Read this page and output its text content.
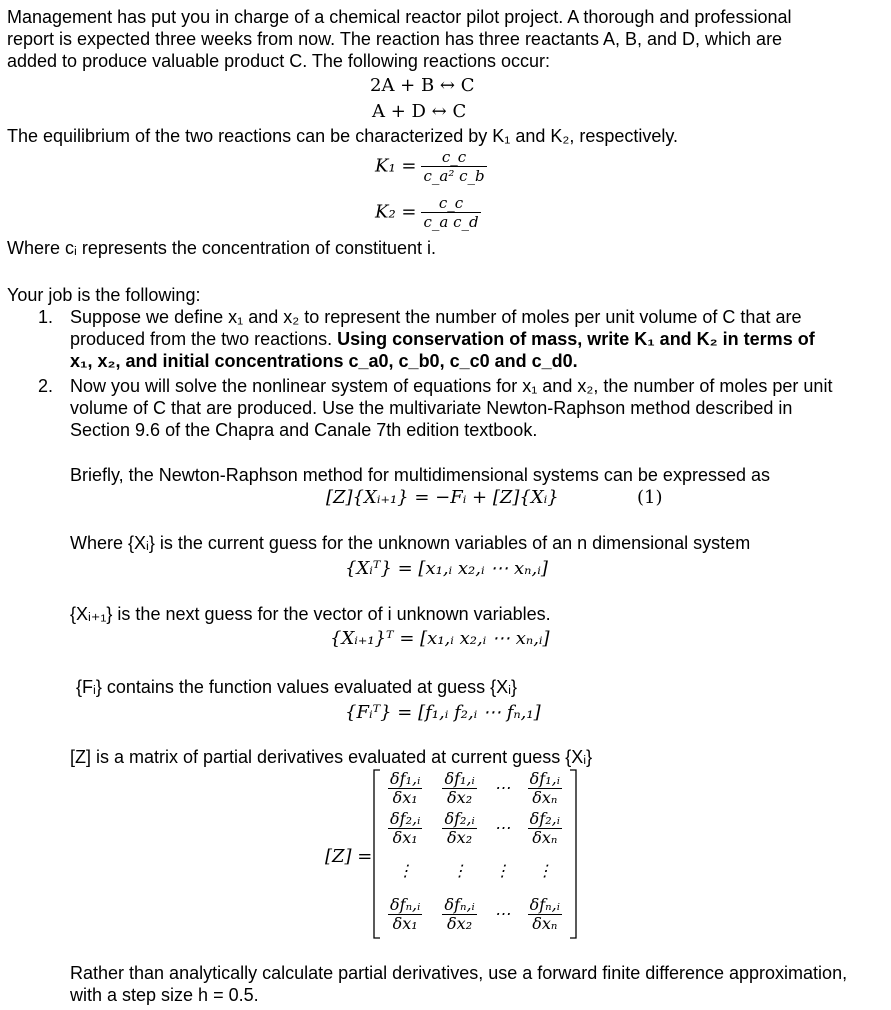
Management has put you in charge of a chemical reactor pilot project. A thorough and professional report is expected three weeks from now. The reaction has three reactants A, B, and D, which are added to produce valuable product C. The following reactions occur:
2A + B ↔ C
A + D ↔ C
The equilibrium of the two reactions can be characterized by K₁ and K₂, respectively.
$K_1 = \frac{c\_c}{\text{c\_a² c\_b}}$
$K_2 = \frac{c\_c}{\text{c\_a c\_d}}$
Where cᵢ represents the concentration of constituent i.
Your job is the following:
1. Suppose we define x₁ and x₂ to represent the number of moles per unit volume of C that are produced from the two reactions. Using conservation of mass, write K₁ and K₂ in terms of x₁, x₂, and initial concentrations c_a0, c_b0, c_c0 and c_d0.
2. Now you will solve the nonlinear system of equations for x₁ and x₂, the number of moles per unit volume of C that are produced. Use the multivariate Newton-Raphson method described in Section 9.6 of the Chapra and Canale 7th edition textbook.
Briefly, the Newton-Raphson method for multidimensional systems can be expressed as
[Z]{Xᵢ₊₁} = −Fᵢ + [Z]{Xᵢ}	(1)
Where {Xᵢ} is the current guess for the unknown variables of an n dimensional system
{Xᵢᵀ} = [x₁,ᵢ x₂,ᵢ ⋯ xₙ,ᵢ]
{Xᵢ₊₁} is the next guess for the vector of i unknown variables.
{Xᵢ₊₁}ᵀ = [x₁,ᵢ x₂,ᵢ ⋯ xₙ,ᵢ]
{Fᵢ} contains the function values evaluated at guess {Xᵢ}
{Fᵢᵀ} = [f₁,ᵢ f₂,ᵢ ⋯ fₙ,₁]
[Z] is a matrix of partial derivatives evaluated at current guess {Xᵢ}
[Z] =
$\frac{\text{δf₁,ᵢ}}{\text{δx₁}}$	$\frac{\text{δf₁,ᵢ}}{\text{δx₂}}$	⋯	$\frac{\text{δf₁,ᵢ}}{\text{δxₙ}}$

$\frac{\text{δf₂,ᵢ}}{\text{δx₁}}$	$\frac{\text{δf₂,ᵢ}}{\text{δx₂}}$	⋯	$\frac{\text{δf₂,ᵢ}}{\text{δxₙ}}$

⋮	⋮	⋮	⋮

$\frac{\text{δfₙ,ᵢ}}{\text{δx₁}}$	$\frac{\text{δfₙ,ᵢ}}{\text{δx₂}}$	⋯	$\frac{\text{δfₙ,ᵢ}}{\text{δxₙ}}$
Rather than analytically calculate partial derivatives, use a forward finite difference approximation, with a step size h = 0.5.
